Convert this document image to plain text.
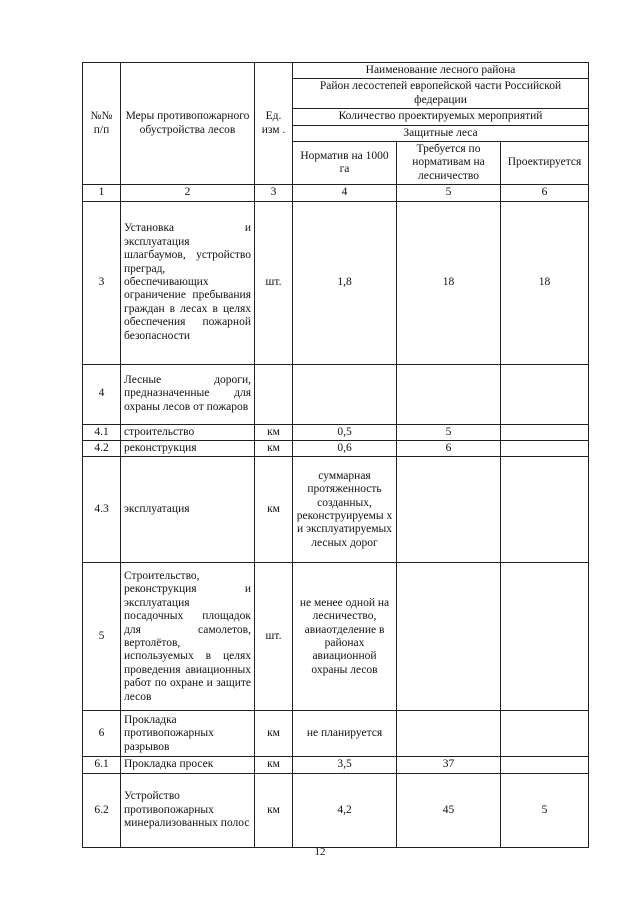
№№ п/п	Меры противопожарного обустройства лесов	Ед. изм .	Наименование лесного района		
			Район лесостепей европейской части Российской федерации		
			Количество проектируемых мероприятий		
			Защитные леса		
			Норматив на 1000 га	Требуется по нормативам на лесничество	Проектируется
1	2	3	4	5	6
3	Установка и эксплуатация шлагбаумов, устройство преград, обеспечивающих ограничение пребывания граждан в лесах в целях обеспечения пожарной безопасности	шт.	1,8	18	18
4	Лесные дороги, предназначенные для охраны лесов от пожаров				
4.1	строительство	км	0,5	5	
4.2	реконструкция	км	0,6	6	
4.3	эксплуатация	км	суммарная протяженность созданных, реконструируемы х и эксплуатируемых лесных дорог		
5	Строительство, реконструкция и эксплуатация посадочных площадок для самолетов, вертолётов, используемых в целях проведения авиационных работ по охране и защите лесов	шт.	не менее одной на лесничество, авиаотделение в районах авиационной охраны лесов		
6	Прокладка противопожарных разрывов	км	не планируется		
6.1	Прокладка просек	км	3,5	37	
6.2	Устройство противопожарных минерализованных полос	км	4,2	45	5
12
